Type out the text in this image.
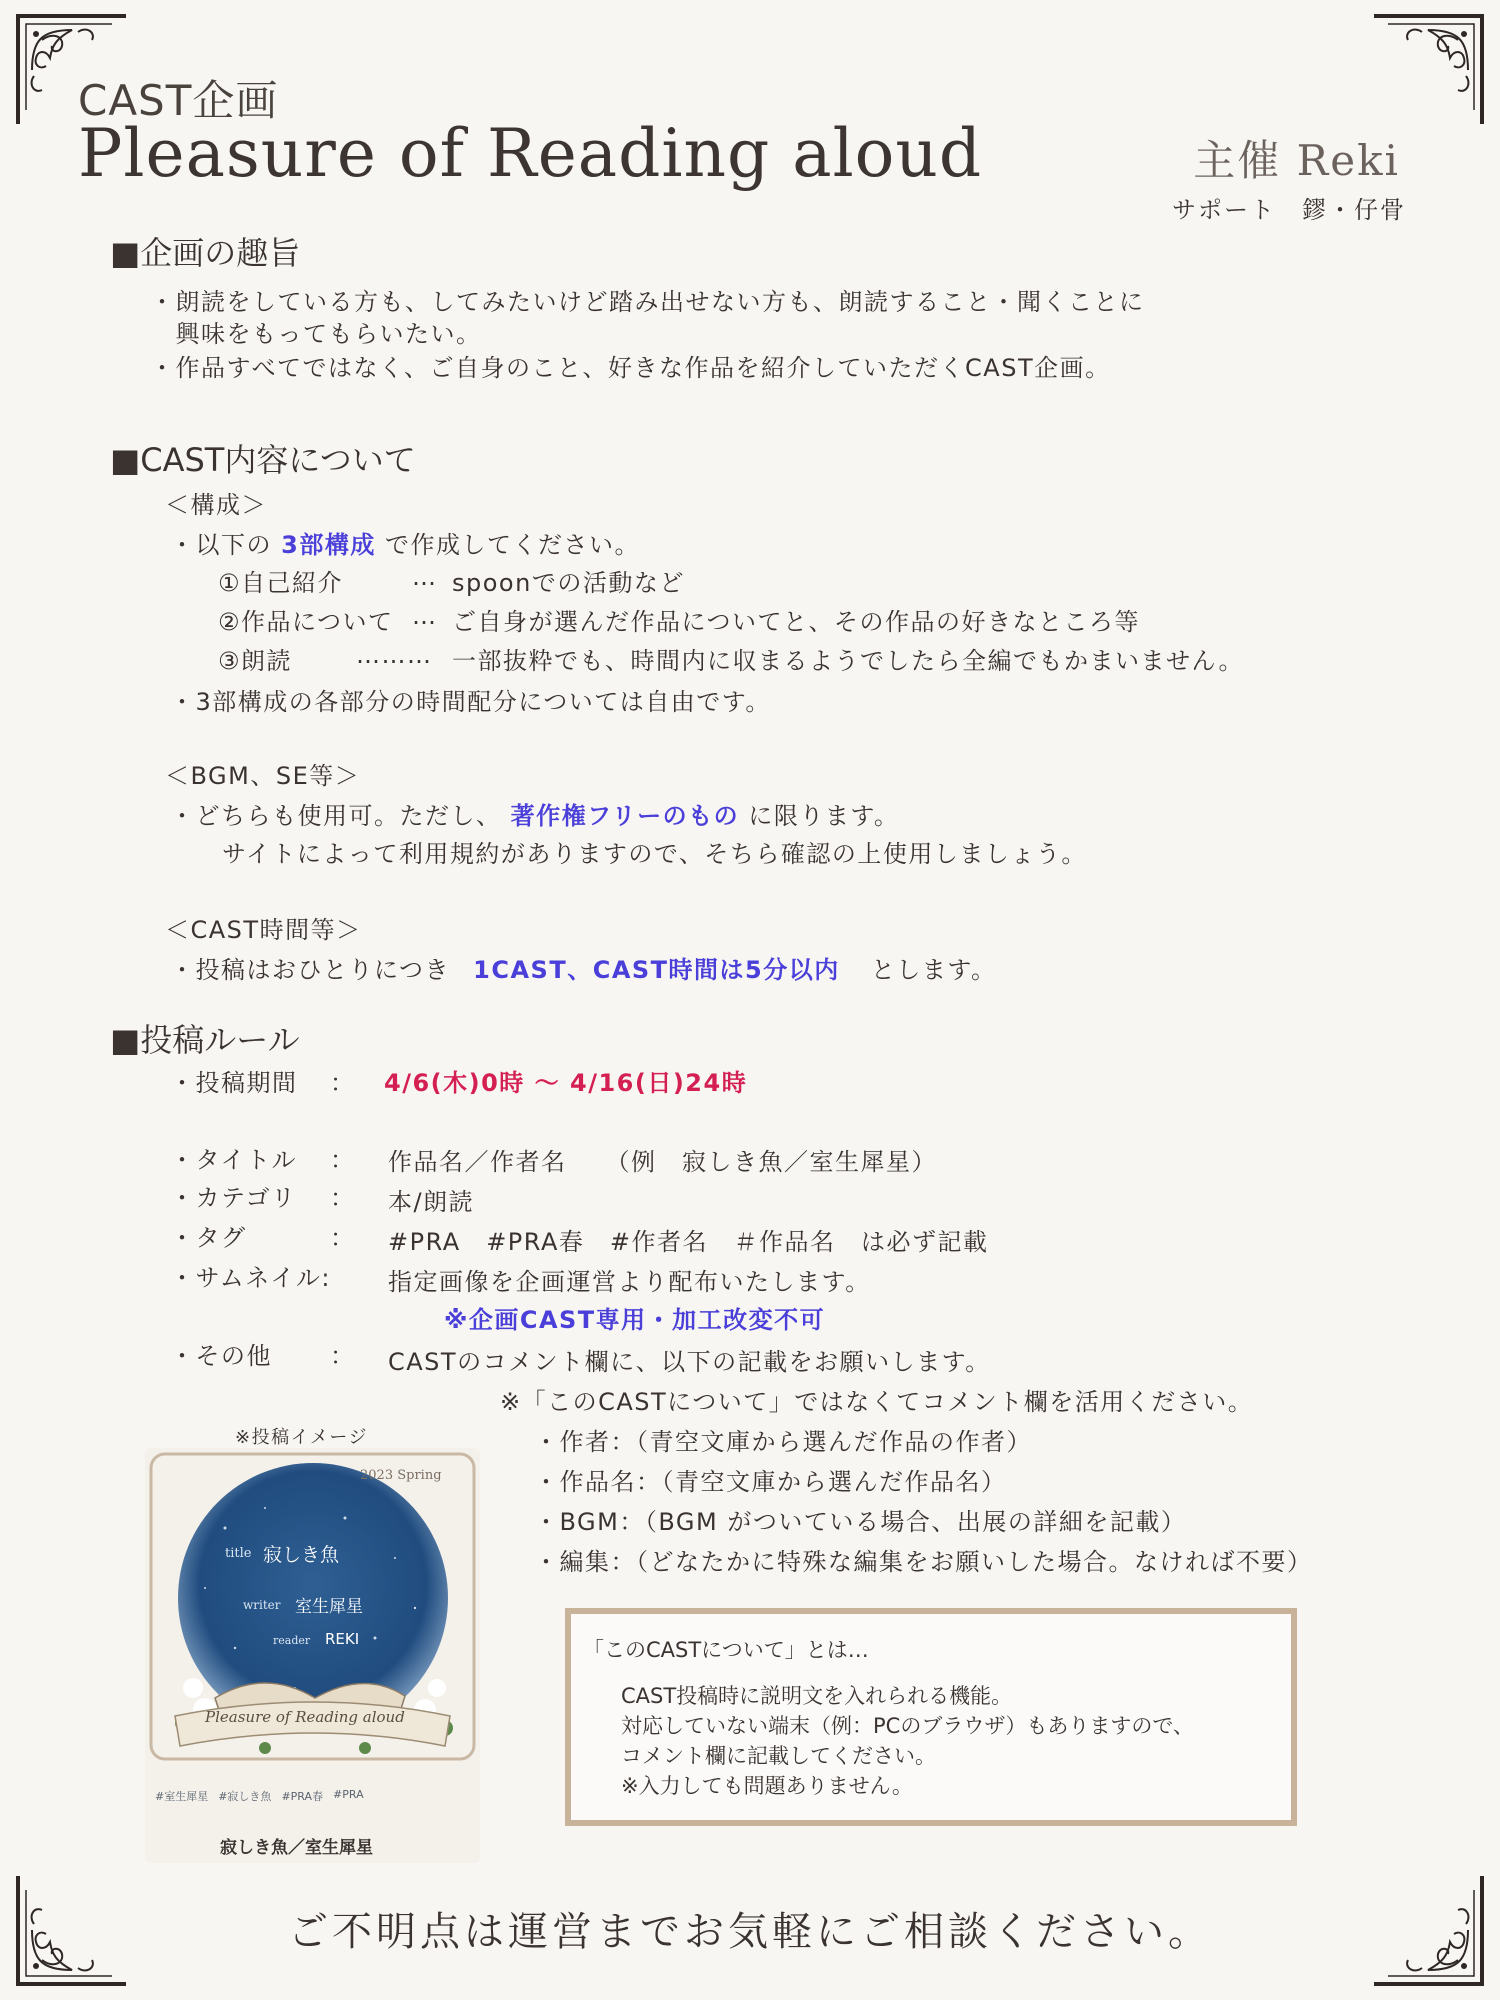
CAST企画
Pleasure of Reading aloud	主催 Reki
サポート　鏐・仔骨
■企画の趣旨
・朗読をしている方も、してみたいけど踏み出せない方も、朗読すること・聞くことに
　興味をもってもらいたい。
・作品すべてではなく、ご自身のこと、好きな作品を紹介していただくCAST企画。
■CAST内容について
＜構成＞
・以下の 3部構成 で作成してください。
①自己紹介	… spoonでの活動など
②作品について … ご自身が選んだ作品についてと、その作品の好きなところ等
③朗読	……… 一部抜粋でも、時間内に収まるようでしたら全編でもかまいません。
・3部構成の各部分の時間配分については自由です。
＜BGM、SE等＞
・どちらも使用可。ただし、 著作権フリーのもの に限ります。
サイトによって利用規約がありますので、そちら確認の上使用しましょう。
＜CAST時間等＞
・投稿はおひとりにつき 1CAST、CAST時間は5分以内 とします。
■投稿ルール
・投稿期間 ： 4/6(木)0時 ～ 4/16(日)24時
・タイトル ： 作品名／作者名　　（例　寂しき魚／室生犀星）
・カテゴリ ： 本/朗読
・タグ	： #PRA　#PRA春　#作者名　＃作品名　は必ず記載
・サムネイル: 指定画像を企画運営より配布いたします。
※企画CAST専用・加工改変不可
・その他 ： CASTのコメント欄に、以下の記載をお願いします。
※「このCASTについて」ではなくてコメント欄を活用ください。
・作者：（青空文庫から選んだ作品の作者）
・作品名：（青空文庫から選んだ作品名）
・BGM：（BGM がついている場合、出展の詳細を記載）
・編集：（どなたかに特殊な編集をお願いした場合。なければ不要）
※投稿イメージ
2023 Spring
title 寂しき魚
writer 室生犀星
reader REKI
Pleasure of Reading aloud
#室生犀星 #寂しき魚 #PRA春 #PRA
寂しき魚／室生犀星
「このCASTについて」とは…
CAST投稿時に説明文を入れられる機能。
対応していない端末（例：PCのブラウザ）もありますので、
コメント欄に記載してください。
※入力しても問題ありません。
ご不明点は運営までお気軽にご相談ください。
